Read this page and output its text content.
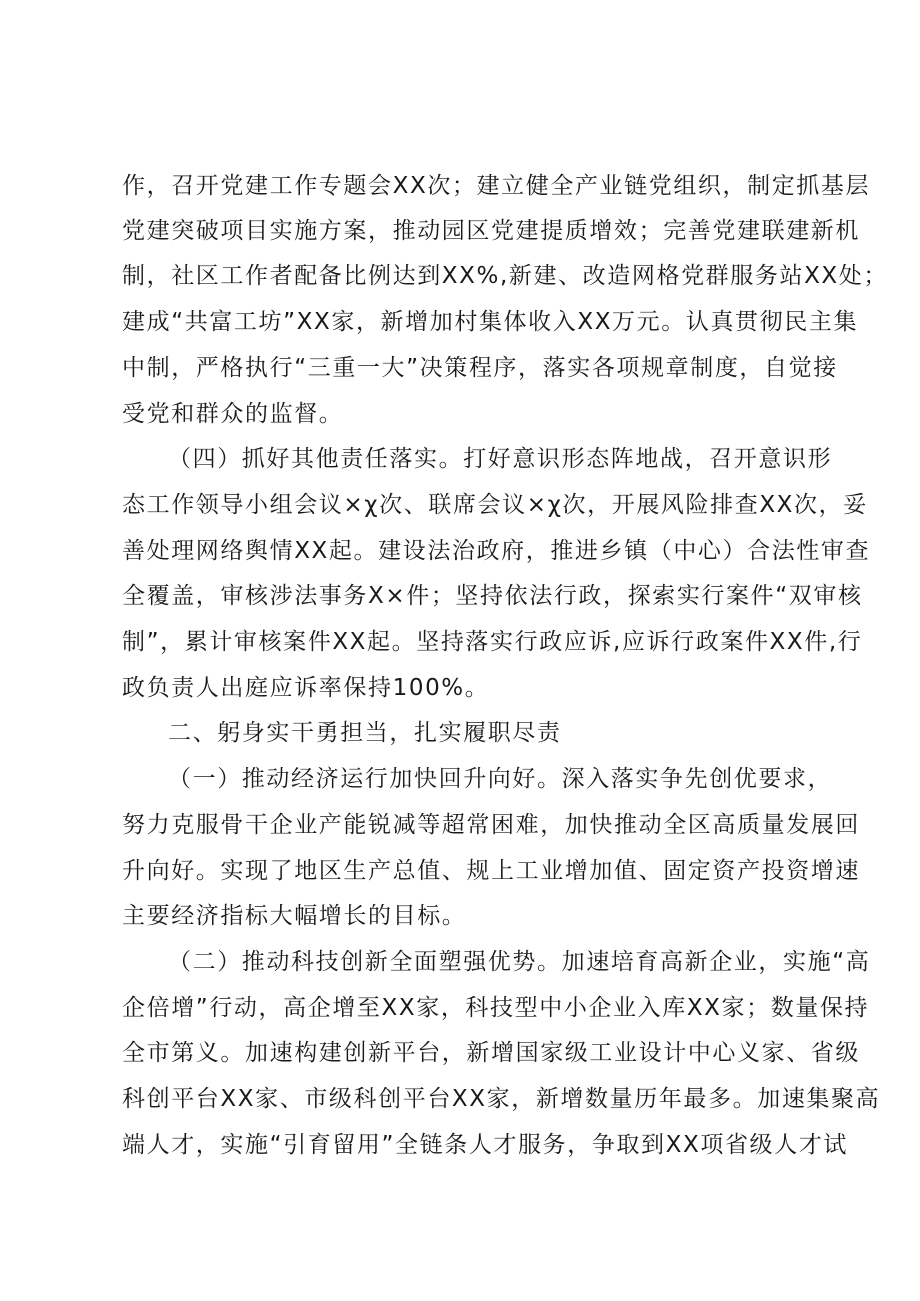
作，召开党建工作专题会XX次；建立健全产业链党组织，制定抓基层
党建突破项目实施方案，推动园区党建提质增效；完善党建联建新机
制，社区工作者配备比例达到XX%,新建、改造网格党群服务站XX处；
建成“共富工坊”XX家，新增加村集体收入XX万元。认真贯彻民主集
中制，严格执行“三重一大”决策程序，落实各项规章制度，自觉接
受党和群众的监督。
（四）抓好其他责任落实。打好意识形态阵地战，召开意识形
态工作领导小组会议×χ次、联席会议×χ次，开展风险排查XX次，妥
善处理网络舆情XX起。建设法治政府，推进乡镇（中心）合法性审查
全覆盖，审核涉法事务X×件；坚持依法行政，探索实行案件“双审核
制”，累计审核案件XX起。坚持落实行政应诉,应诉行政案件XX件,行
政负责人出庭应诉率保持100%。
二、躬身实干勇担当，扎实履职尽责
（一）推动经济运行加快回升向好。深入落实争先创优要求，
努力克服骨干企业产能锐减等超常困难，加快推动全区高质量发展回
升向好。实现了地区生产总值、规上工业增加值、固定资产投资增速
主要经济指标大幅增长的目标。
（二）推动科技创新全面塑强优势。加速培育高新企业，实施“高
企倍增”行动，高企增至XX家，科技型中小企业入库XX家；数量保持
全市第义。加速构建创新平台，新增国家级工业设计中心义家、省级
科创平台XX家、市级科创平台XX家，新增数量历年最多。加速集聚高
端人才，实施“引育留用”全链条人才服务，争取到XX项省级人才试
